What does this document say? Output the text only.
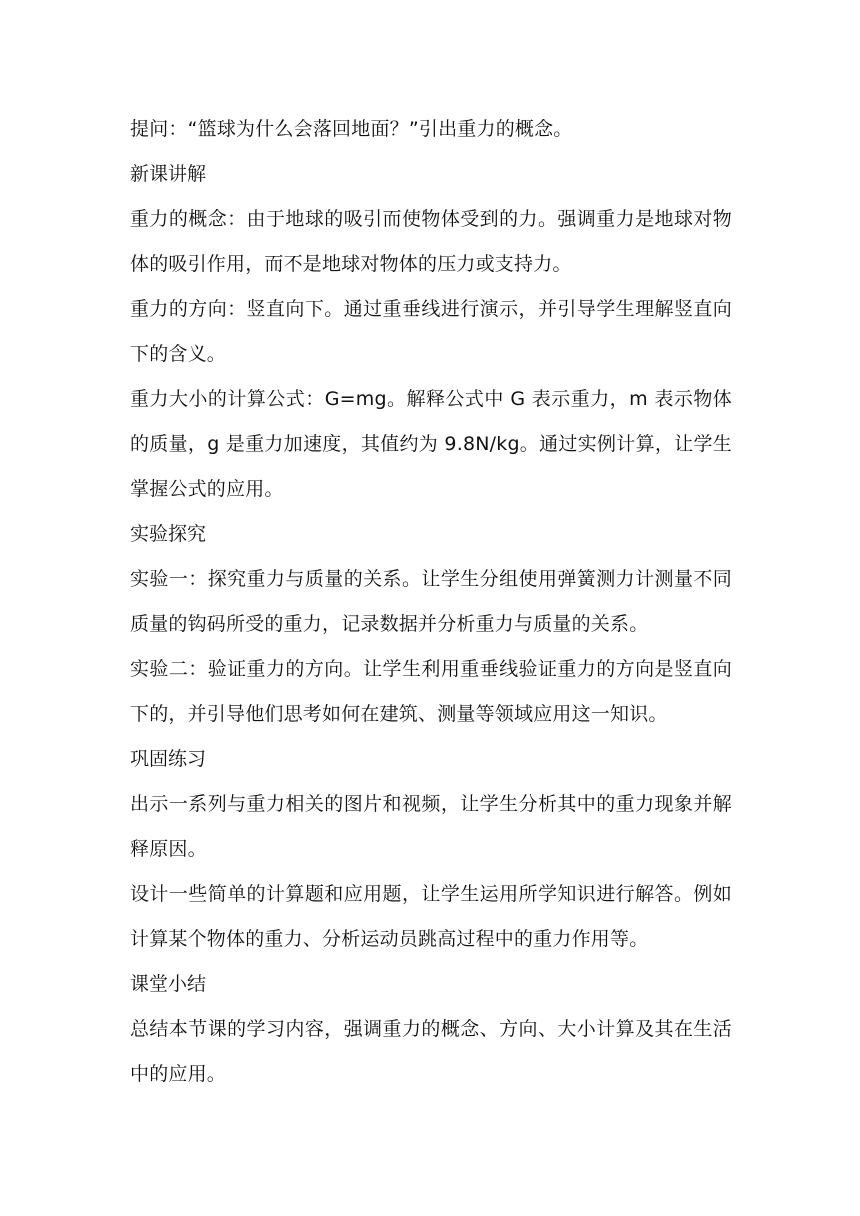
提问：“篮球为什么会落回地面？”引出重力的概念。

新课讲解

重力的概念：由于地球的吸引而使物体受到的力。强调重力是地球对物体的吸引作用，而不是地球对物体的压力或支持力。

重力的方向：竖直向下。通过重垂线进行演示，并引导学生理解竖直向下的含义。

重力大小的计算公式：G=mg。解释公式中 G 表示重力，m 表示物体的质量，g 是重力加速度，其值约为 9.8N/kg。通过实例计算，让学生掌握公式的应用。

实验探究

实验一：探究重力与质量的关系。让学生分组使用弹簧测力计测量不同质量的钩码所受的重力，记录数据并分析重力与质量的关系。

实验二：验证重力的方向。让学生利用重垂线验证重力的方向是竖直向下的，并引导他们思考如何在建筑、测量等领域应用这一知识。

巩固练习

出示一系列与重力相关的图片和视频，让学生分析其中的重力现象并解释原因。

设计一些简单的计算题和应用题，让学生运用所学知识进行解答。例如计算某个物体的重力、分析运动员跳高过程中的重力作用等。

课堂小结

总结本节课的学习内容，强调重力的概念、方向、大小计算及其在生活中的应用。
